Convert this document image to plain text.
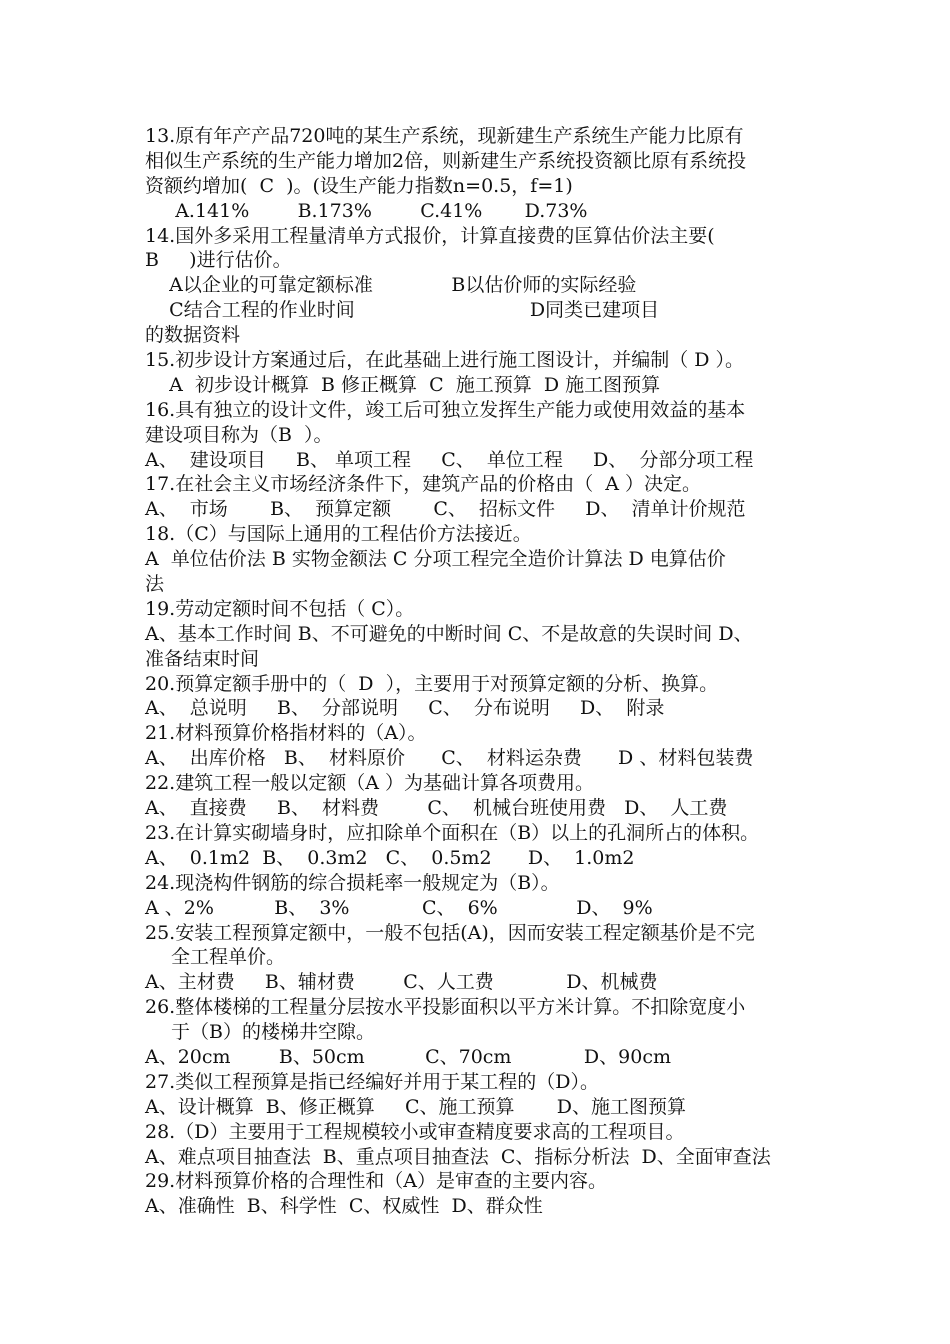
13.原有年产产品720吨的某生产系统，现新建生产系统生产能力比原有
相似生产系统的生产能力增加2倍，则新建生产系统投资额比原有系统投
资额约增加(  C  )。(设生产能力指数n=0.5，f=1)
A.141%        B.173%        C.41%       D.73%
14.国外多采用工程量清单方式报价，计算直接费的匡算估价法主要(
B     )进行估价。
A以企业的可靠定额标准             B以估价师的实际经验
C结合工程的作业时间                             D同类已建项目
的数据资料
15.初步设计方案通过后，在此基础上进行施工图设计，并编制（ D ）。
A  初步设计概算  B 修正概算  C  施工预算  D 施工图预算
16.具有独立的设计文件，竣工后可独立发挥生产能力或使用效益的基本
建设项目称为（B  ）。
A、  建设项目     B、 单项工程     C、  单位工程     D、  分部分项工程
17.在社会主义市场经济条件下，建筑产品的价格由（  A ）决定。
A、  市场       B、  预算定额       C、  招标文件     D、  清单计价规范
18.（C）与国际上通用的工程估价方法接近。
A  单位估价法 B 实物金额法 C 分项工程完全造价计算法 D 电算估价
法
19.劳动定额时间不包括（ C）。
A、基本工作时间 B、不可避免的中断时间 C、不是故意的失误时间 D、
准备结束时间
20.预算定额手册中的（  D  ），主要用于对预算定额的分析、换算。
A、  总说明     B、  分部说明     C、  分布说明     D、  附录
21.材料预算价格指材料的（A）。
A、  出库价格   B、  材料原价      C、  材料运杂费      D 、材料包装费
22.建筑工程一般以定额（A ）为基础计算各项费用。
A、  直接费     B、  材料费        C、  机械台班使用费   D、  人工费
23.在计算实砌墙身时，应扣除单个面积在（B）以上的孔洞所占的体积。
A、  0.1m2  B、  0.3m2   C、  0.5m2      D、  1.0m2
24.现浇构件钢筋的综合损耗率一般规定为（B）。
A 、2%          B、  3%            C、  6%             D、  9%
25.安装工程预算定额中，一般不包括(A)，因而安装工程定额基价是不完
全工程单价。
A、主材费     B、辅材费        C、人工费            D、机械费
26.整体楼梯的工程量分层按水平投影面积以平方米计算。不扣除宽度小
于（B）的楼梯井空隙。
A、20cm        B、50cm          C、70cm            D、90cm
27.类似工程预算是指已经编好并用于某工程的（D）。
A、设计概算  B、修正概算     C、施工预算       D、施工图预算
28.（D）主要用于工程规模较小或审查精度要求高的工程项目。
A、难点项目抽查法  B、重点项目抽查法  C、指标分析法  D、全面审查法
29.材料预算价格的合理性和（A）是审查的主要内容。
A、准确性  B、科学性  C、权威性  D、群众性
